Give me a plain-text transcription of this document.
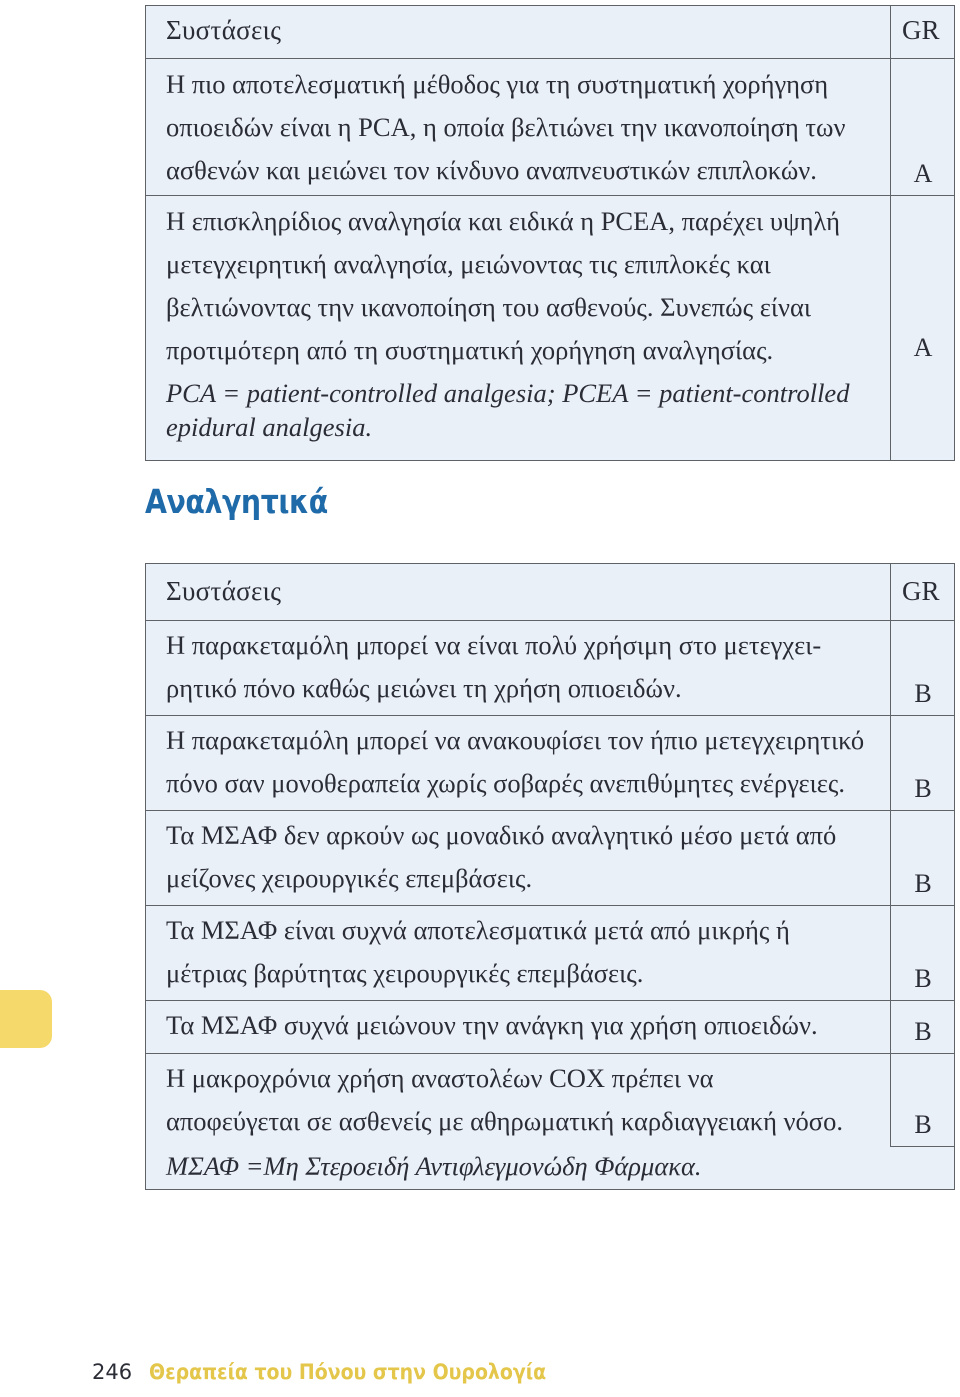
Συστάσεις	GR
Η πιο αποτελεσματική μέθοδος για τη συστηματική χορήγηση
οπιοειδών είναι η PCA, η οποία βελτιώνει την ικανοποίηση των
ασθενών και μειώνει τον κίνδυνο αναπνευστικών επιπλοκών.	A
Η επισκληρίδιος αναλγησία και ειδικά η PCEA, παρέχει υψηλή
μετεγχειρητική αναλγησία, μειώνοντας τις επιπλοκές και
βελτιώνοντας την ικανοποίηση του ασθενούς. Συνεπώς είναι
προτιμότερη από τη συστηματική χορήγηση αναλγησίας.	A
PCA = patient-controlled analgesia; PCEA = patient-controlled
epidural analgesia.
Αναλγητικά
Συστάσεις	GR
Η παρακεταμόλη μπορεί να είναι πολύ χρήσιμη στο μετεγχει-
ρητικό πόνο καθώς μειώνει τη χρήση οπιοειδών.	B
Η παρακεταμόλη μπορεί να ανακουφίσει τον ήπιο μετεγχειρητικό
πόνο σαν μονοθεραπεία χωρίς σοβαρές ανεπιθύμητες ενέργειες.	B
Τα ΜΣΑΦ δεν αρκούν ως μοναδικό αναλγητικό μέσο μετά από
μείζονες χειρουργικές επεμβάσεις.	B
Τα ΜΣΑΦ είναι συχνά αποτελεσματικά μετά από μικρής ή
μέτριας βαρύτητας χειρουργικές επεμβάσεις.	B
Τα ΜΣΑΦ συχνά μειώνουν την ανάγκη για χρήση οπιοειδών.	B
Η μακροχρόνια χρήση αναστολέων COX πρέπει να
αποφεύγεται σε ασθενείς με αθηρωματική καρδιαγγειακή νόσο.	B
ΜΣΑΦ =Μη Στεροειδή Αντιφλεγμονώδη Φάρμακα.
246 Θεραπεία του Πόνου στην Ουρολογία
